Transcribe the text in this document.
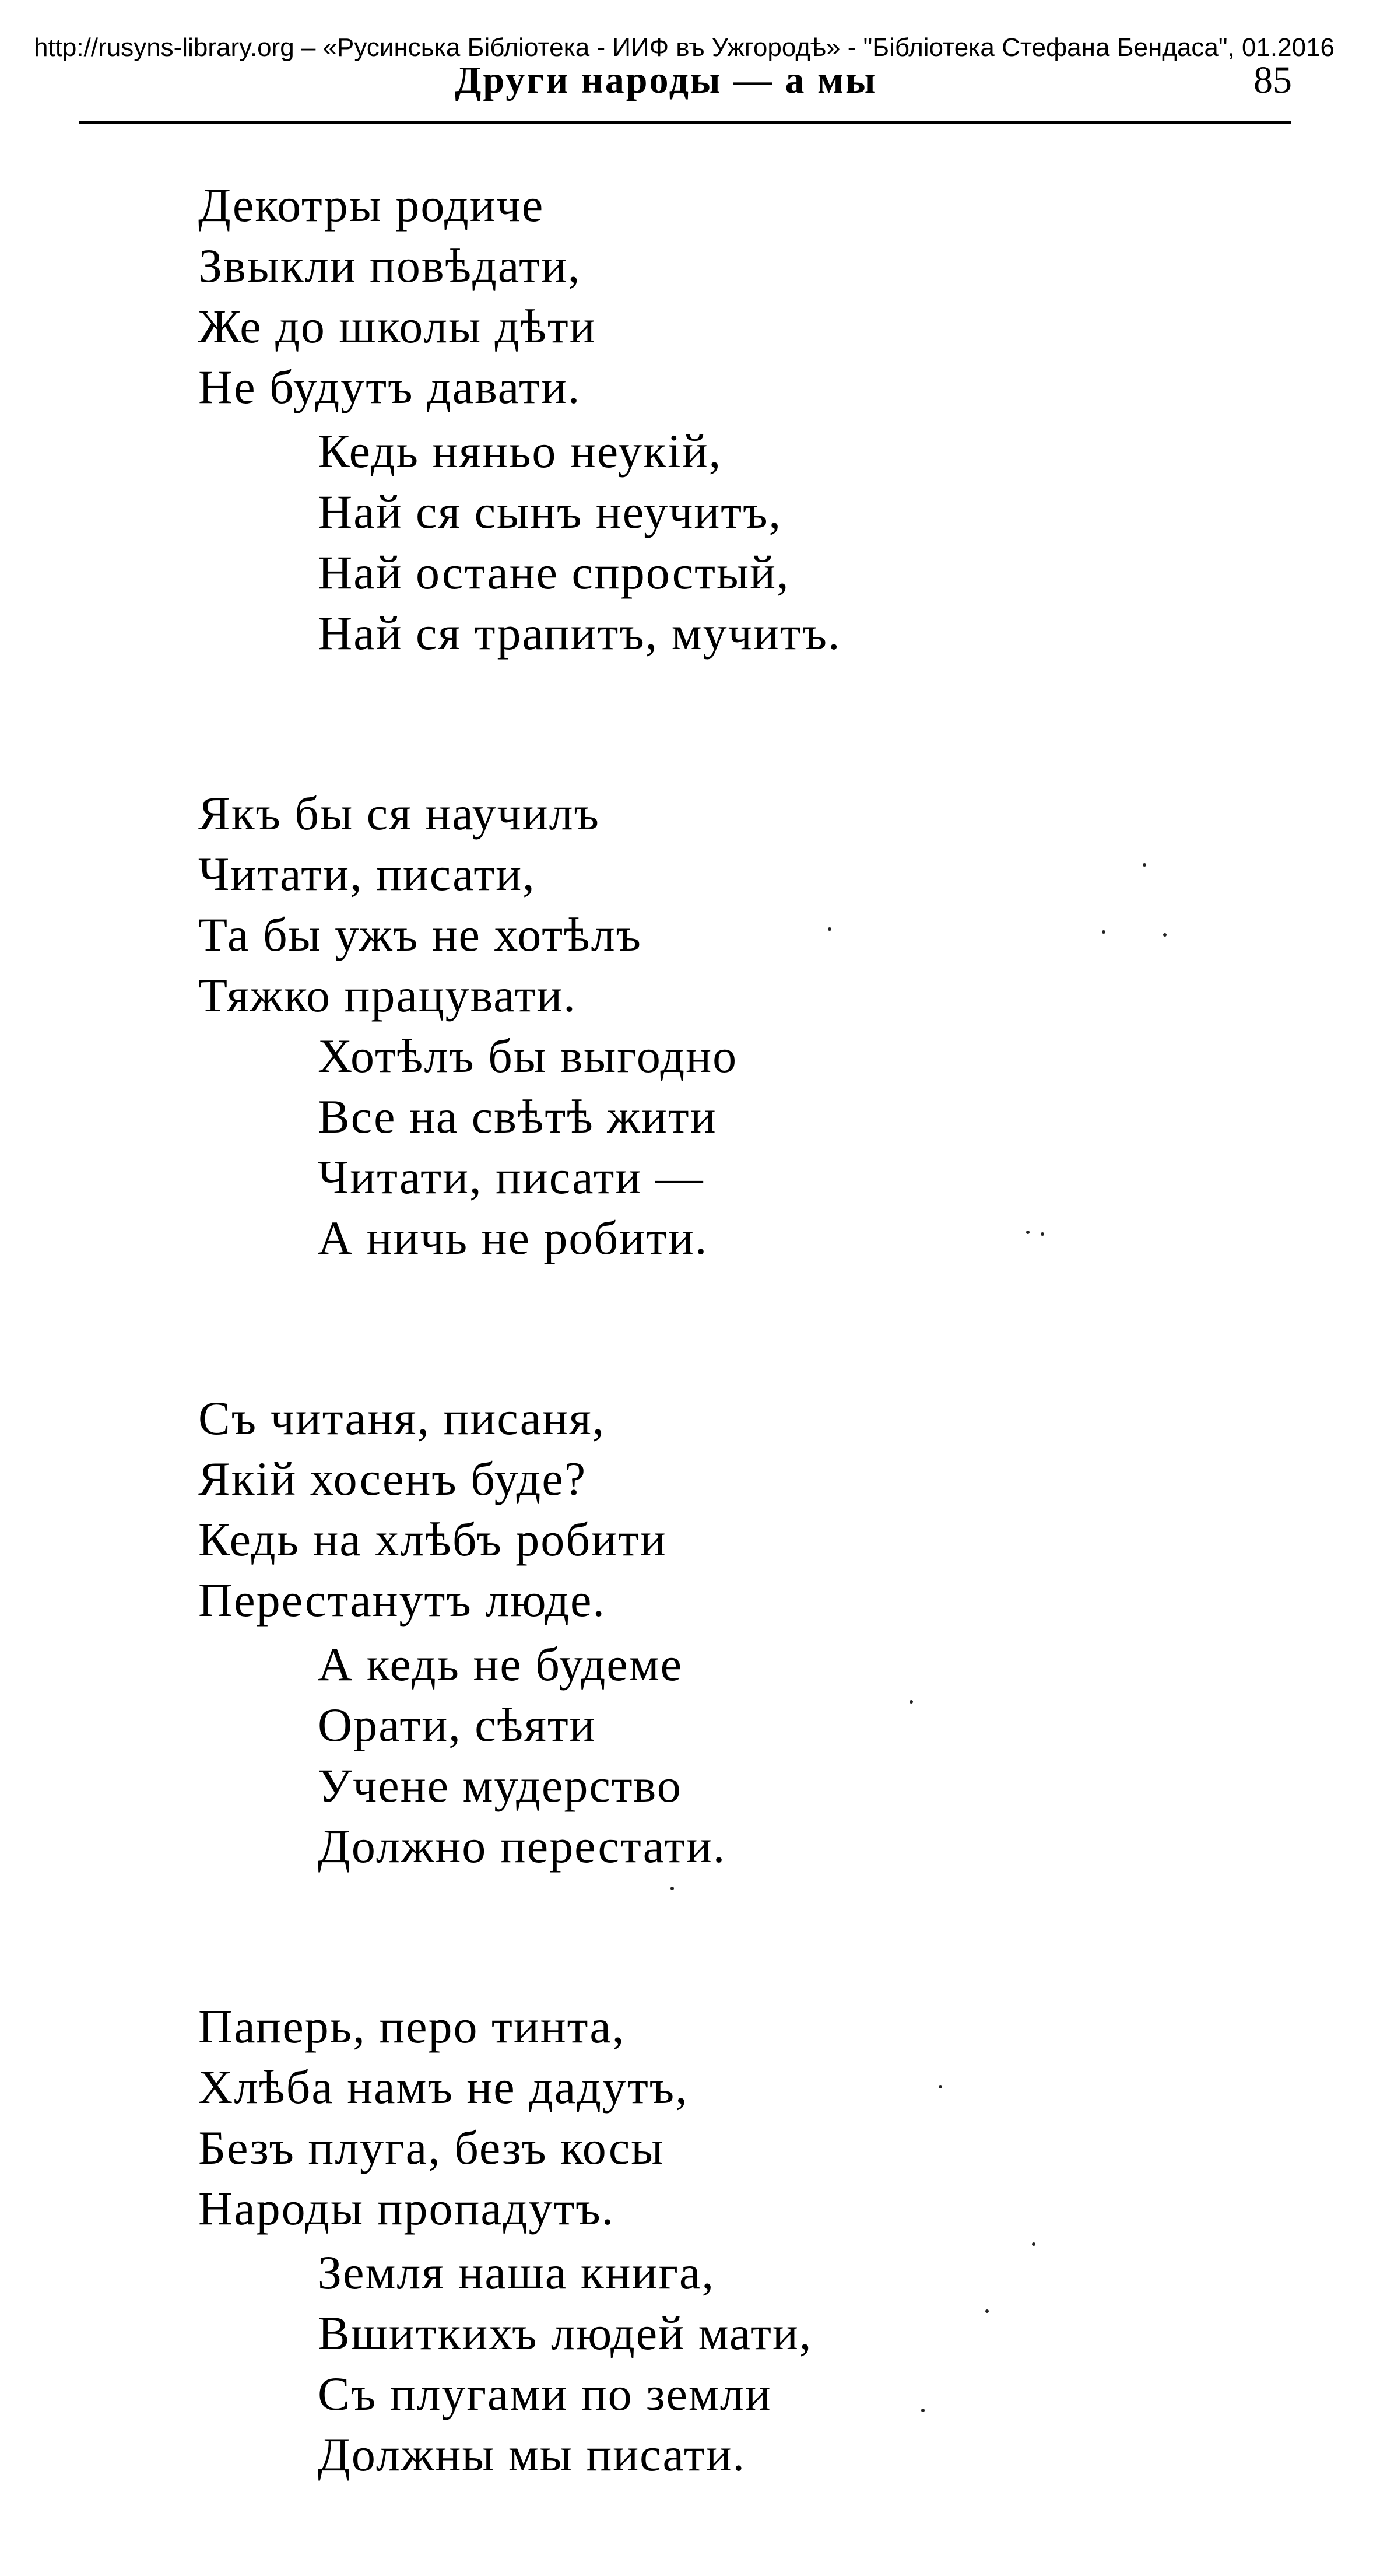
http://rusyns-library.org – «Русинська Бібліотека - ИИФ въ Ужгородѣ» - "Бібліотека Стефана Бендаса", 01.2016
Други народы — а мы	85
Декотры родиче
Звыкли повѣдати,
Же до школы дѣти
Не будутъ давати.
Кедь няньо неукій,
Най ся сынъ неучитъ,
Най остане спростый,
Най ся трапитъ, мучитъ.
Якъ бы ся научилъ
Читати, писати,
Та бы ужъ не хотѣлъ
Тяжко працувати.
Хотѣлъ бы выгодно
Все на свѣтѣ жити
Читати, писати —
А ничь не робити.
Съ читаня, писаня,
Якій хосенъ буде?
Кедь на хлѣбъ робити
Перестанутъ люде.
А кедь не будеме
Орати, сѣяти
Учене мудерство
Должно перестати.
Паперь, перо тинта,
Хлѣба намъ не дадутъ,
Безъ плуга, безъ косы
Народы пропадутъ.
Земля наша книга,
Вшиткихъ людей мати,
Съ плугами по земли
Должны мы писати.
